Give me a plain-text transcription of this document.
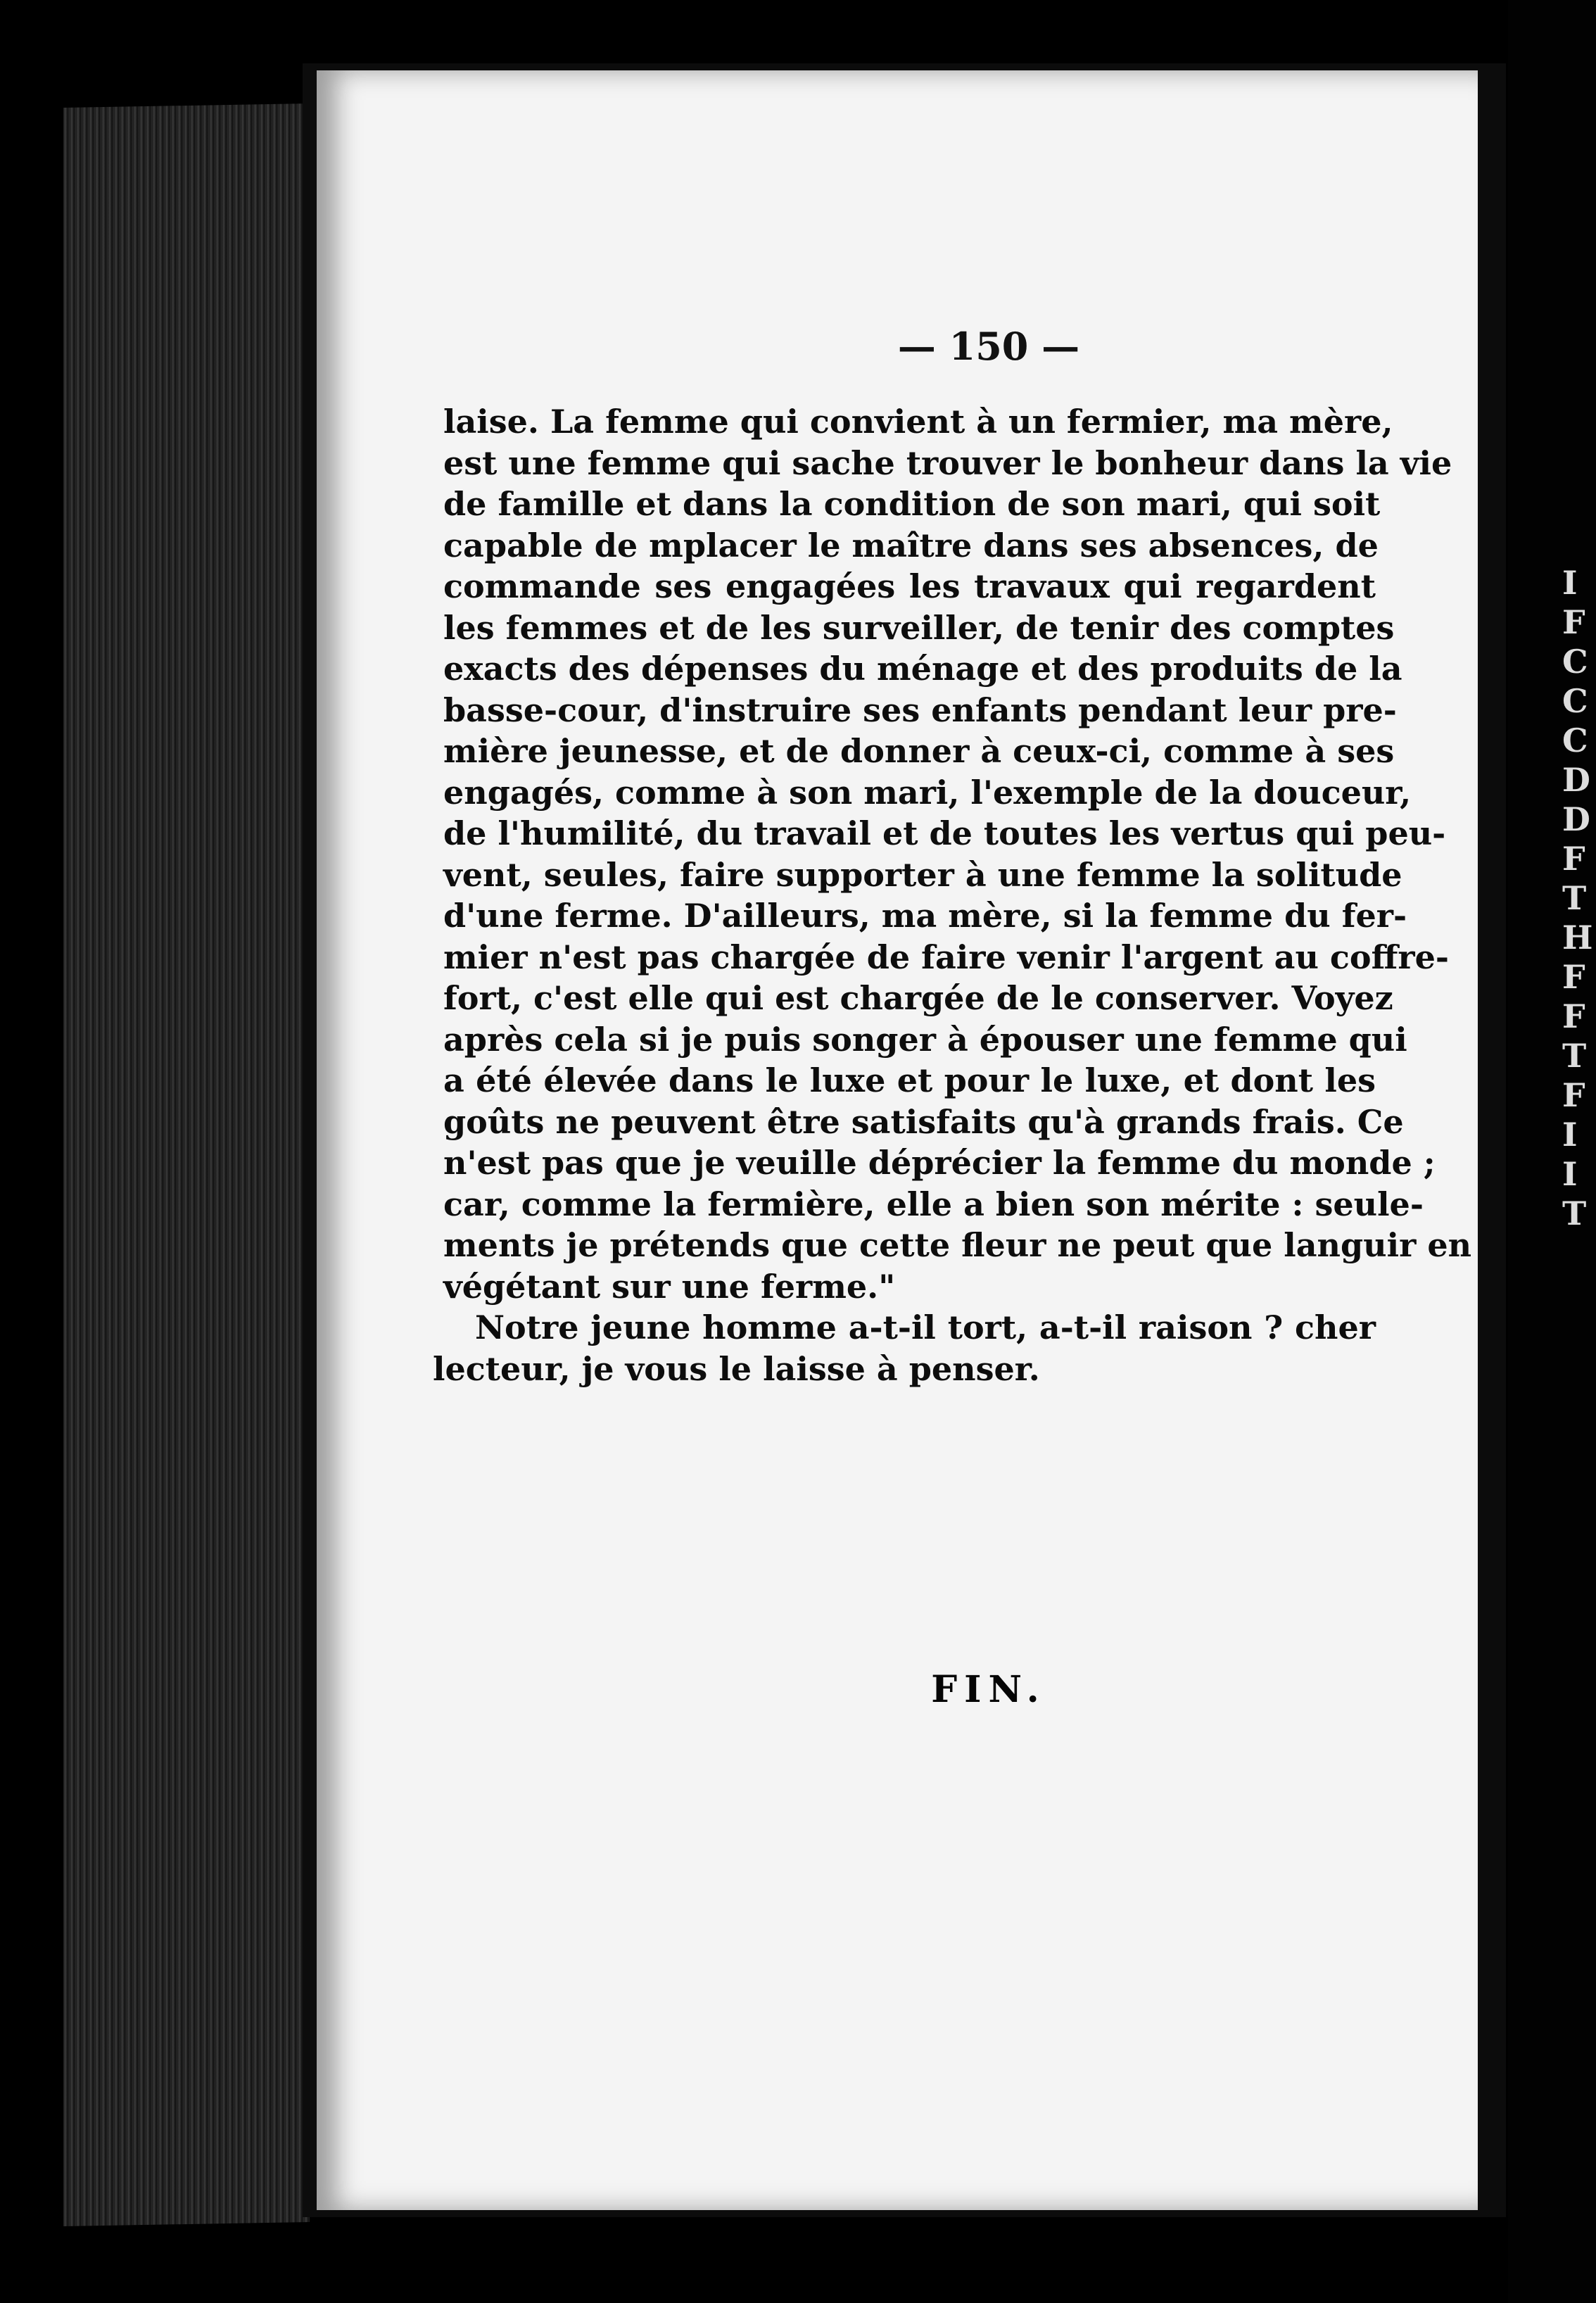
— 150 —
laise. La femme qui convient à un fermier, ma mère,
est une femme qui sache trouver le bonheur dans la vie
de famille et dans la condition de son mari, qui soit
capable de mplacer le maître dans ses absences, de
commande ses engagées les travaux qui regardent
les femmes et de les surveiller, de tenir des comptes
exacts des dépenses du ménage et des produits de la
basse-cour, d'instruire ses enfants pendant leur pre-
mière jeunesse, et de donner à ceux-ci, comme à ses
engagés, comme à son mari, l'exemple de la douceur,
de l'humilité, du travail et de toutes les vertus qui peu-
vent, seules, faire supporter à une femme la solitude
d'une ferme. D'ailleurs, ma mère, si la femme du fer-
mier n'est pas chargée de faire venir l'argent au coffre-
fort, c'est elle qui est chargée de le conserver. Voyez
après cela si je puis songer à épouser une femme qui
a été élevée dans le luxe et pour le luxe, et dont les
goûts ne peuvent être satisfaits qu'à grands frais. Ce
n'est pas que je veuille déprécier la femme du monde ;
car, comme la fermière, elle a bien son mérite : seule-
ments je prétends que cette fleur ne peut que languir en
végétant sur une ferme."
Notre jeune homme a-t-il tort, a-t-il raison ? cher
lecteur, je vous le laisse à penser.
FIN.
I
F
C
C
C
D
D
F
T
H
F
F
T
F
I
I
T
